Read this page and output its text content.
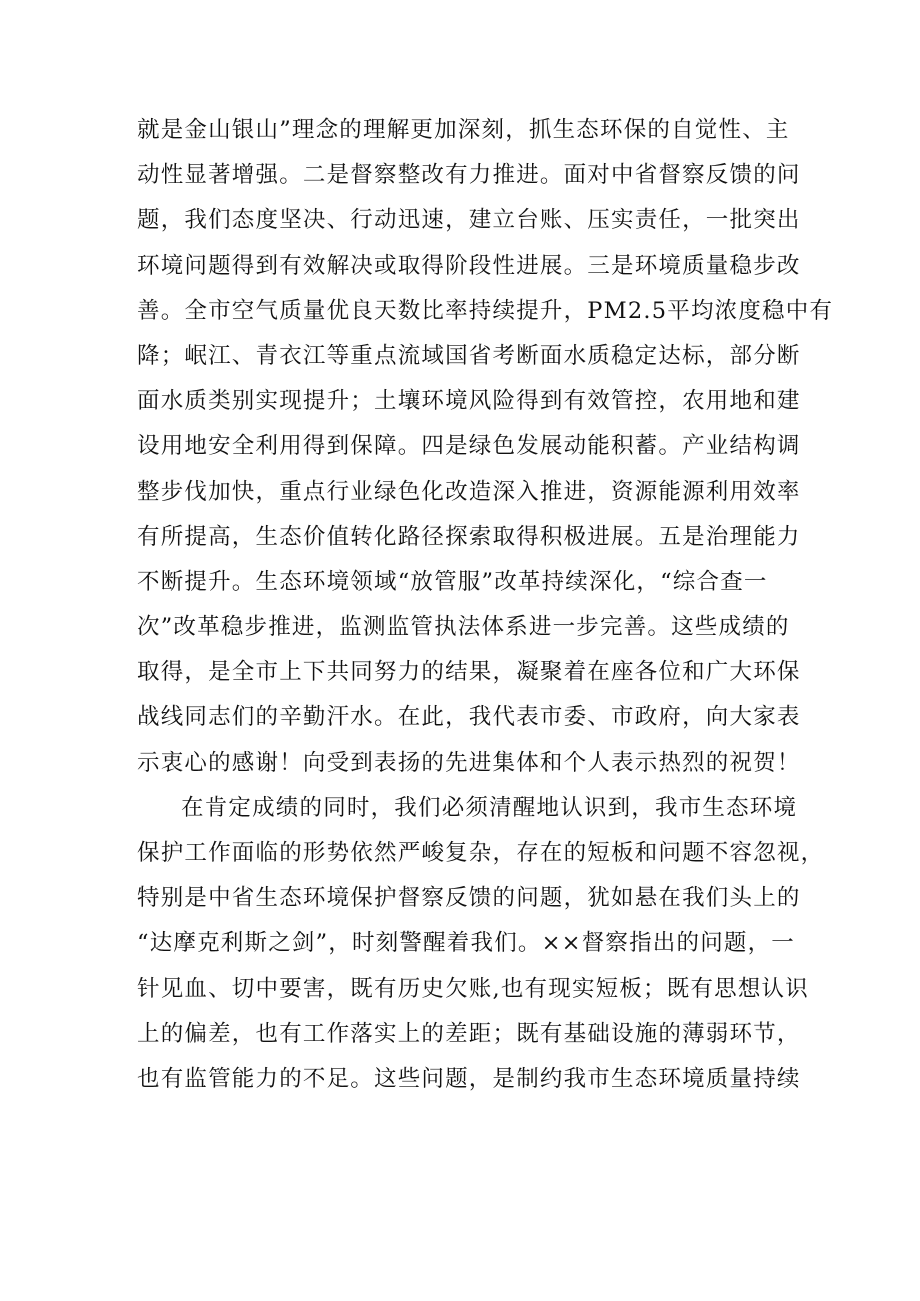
就是金山银山”理念的理解更加深刻，抓生态环保的自觉性、主
动性显著增强。二是督察整改有力推进。面对中省督察反馈的问
题，我们态度坚决、行动迅速，建立台账、压实责任，一批突出
环境问题得到有效解决或取得阶段性进展。三是环境质量稳步改
善。全市空气质量优良天数比率持续提升，PM2.5平均浓度稳中有
降；岷江、青衣江等重点流域国省考断面水质稳定达标，部分断
面水质类别实现提升；土壤环境风险得到有效管控，农用地和建
设用地安全利用得到保障。四是绿色发展动能积蓄。产业结构调
整步伐加快，重点行业绿色化改造深入推进，资源能源利用效率
有所提高，生态价值转化路径探索取得积极进展。五是治理能力
不断提升。生态环境领域“放管服”改革持续深化，“综合查一
次”改革稳步推进，监测监管执法体系进一步完善。这些成绩的
取得，是全市上下共同努力的结果，凝聚着在座各位和广大环保
战线同志们的辛勤汗水。在此，我代表市委、市政府，向大家表
示衷心的感谢！向受到表扬的先进集体和个人表示热烈的祝贺！
在肯定成绩的同时，我们必须清醒地认识到，我市生态环境
保护工作面临的形势依然严峻复杂，存在的短板和问题不容忽视，
特别是中省生态环境保护督察反馈的问题，犹如悬在我们头上的
“达摩克利斯之剑”，时刻警醒着我们。××督察指出的问题，一
针见血、切中要害，既有历史欠账,也有现实短板；既有思想认识
上的偏差，也有工作落实上的差距；既有基础设施的薄弱环节，
也有监管能力的不足。这些问题，是制约我市生态环境质量持续
